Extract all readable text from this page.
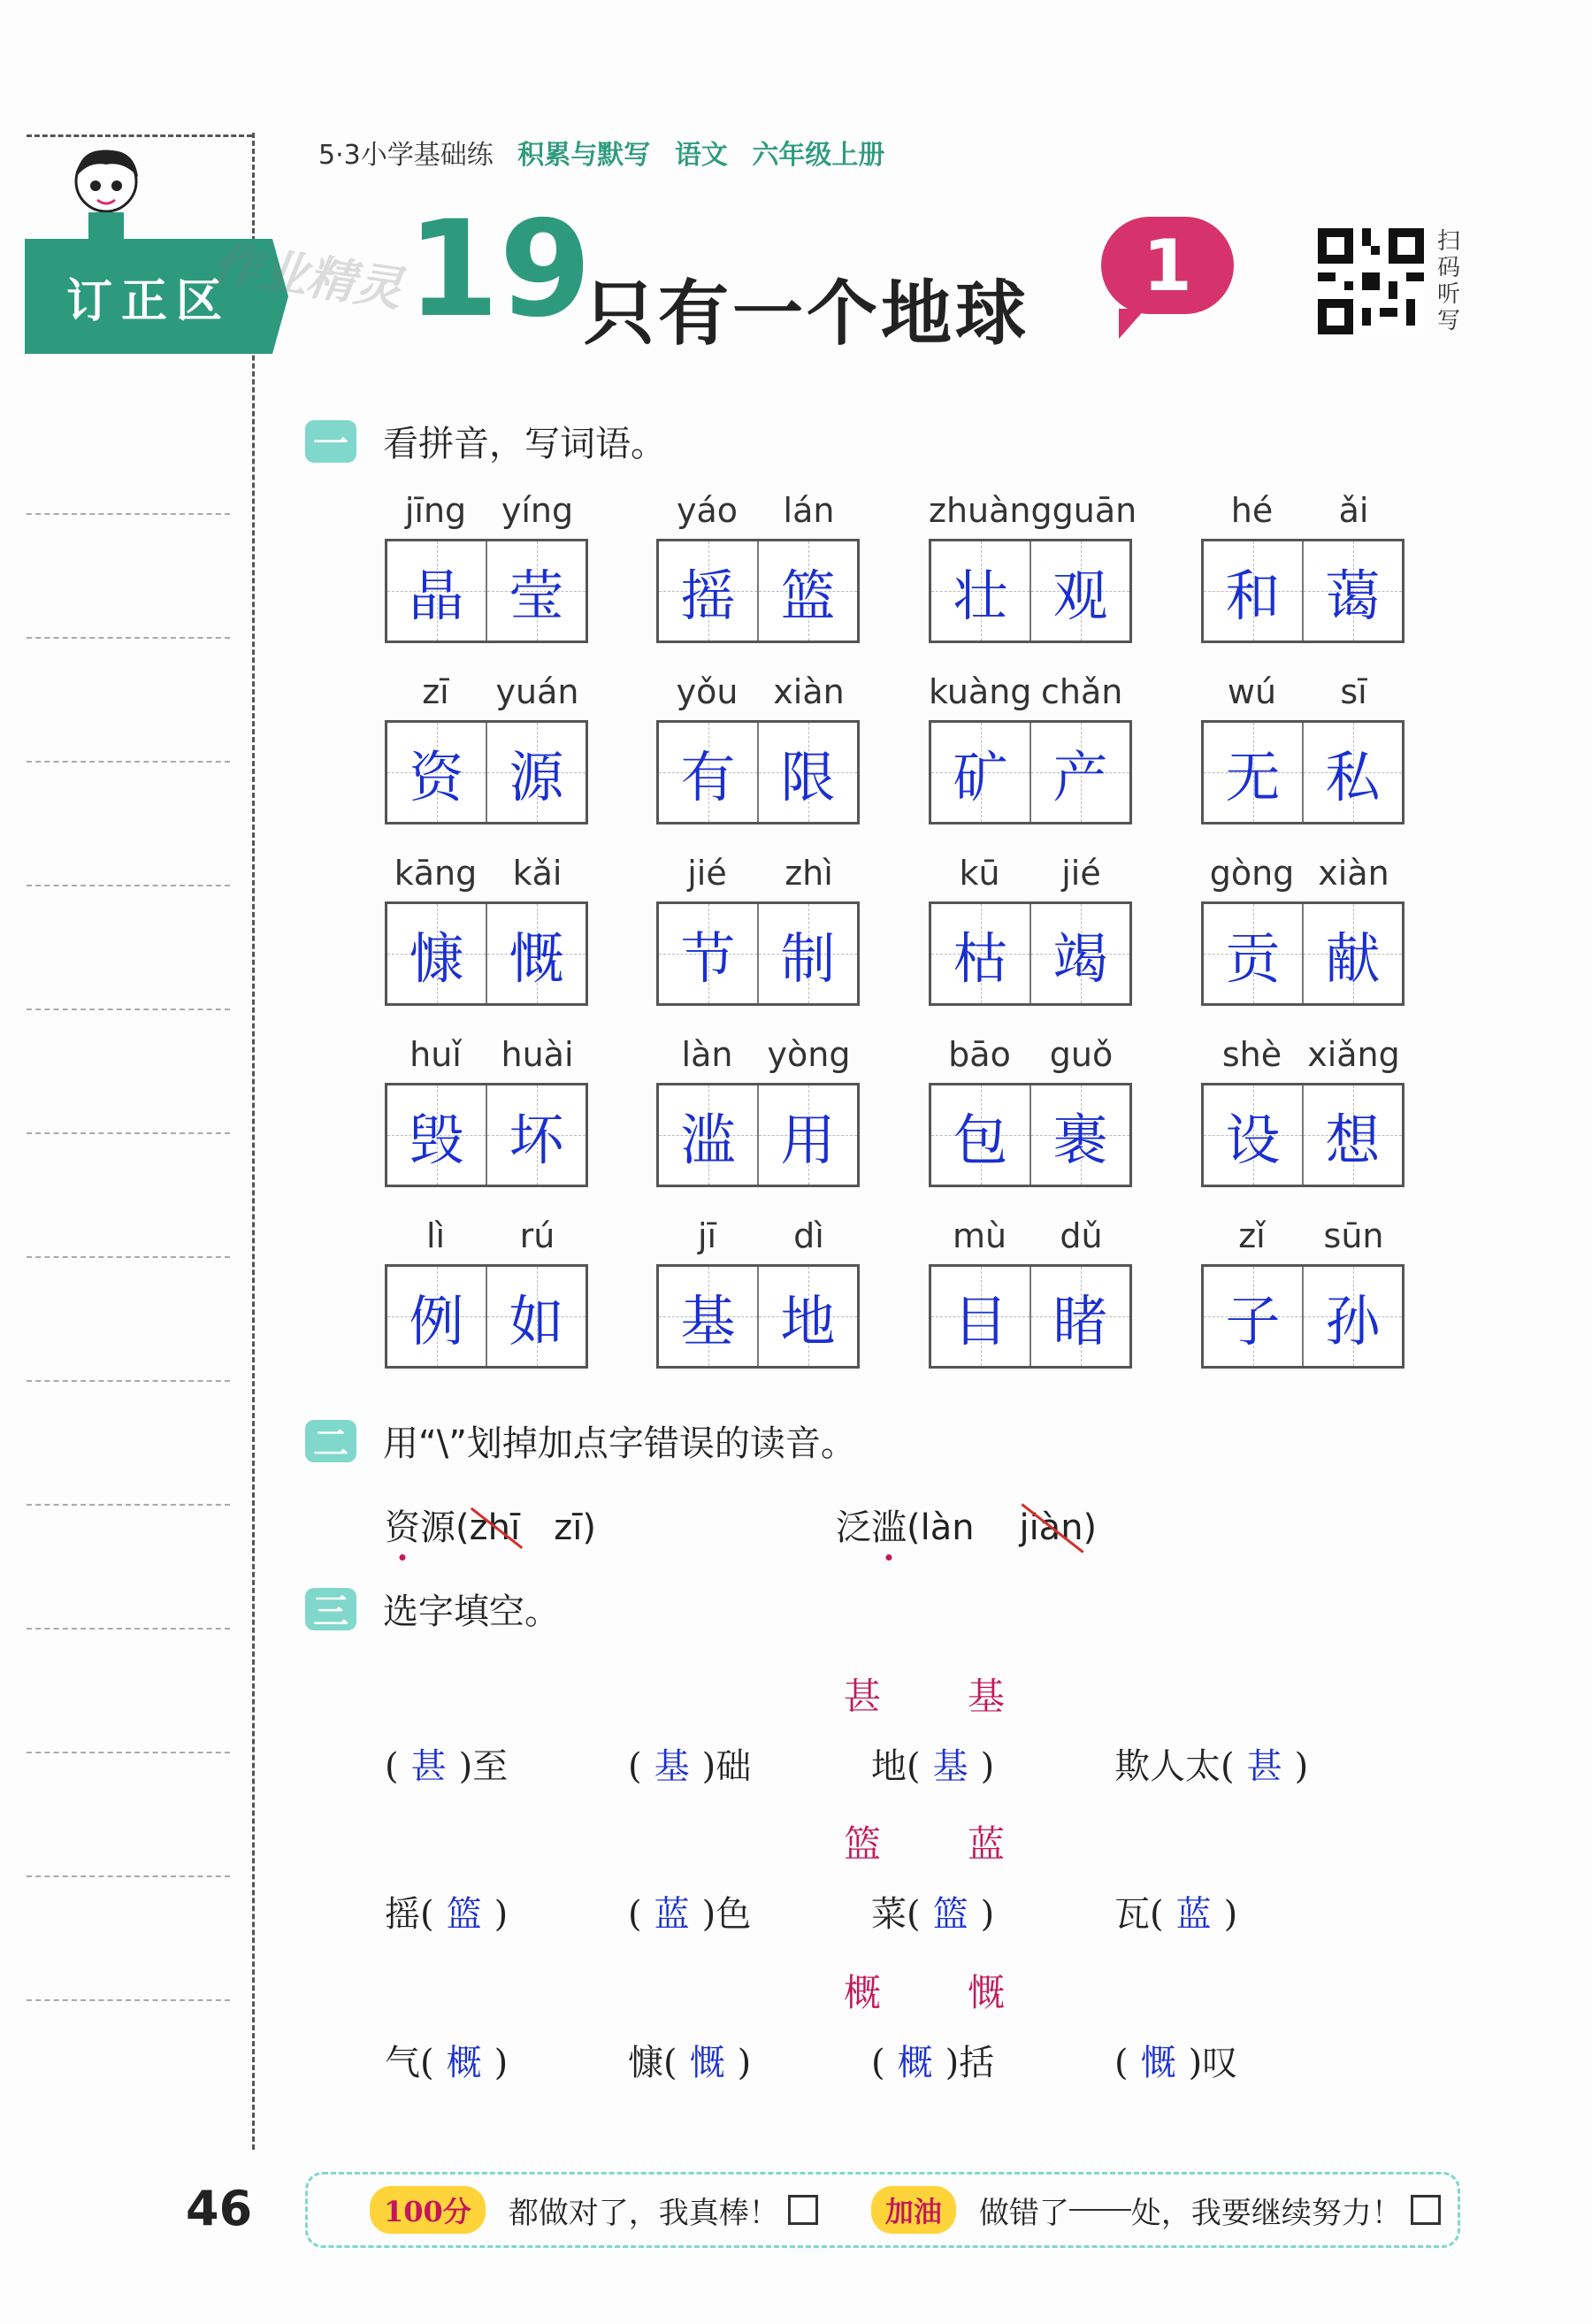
订正区
5·3小学基础练 积累与默写 语文 六年级上册
作业精灵 19
只有一个地球
1	扫码听写
一 看拼音，写词语。
jīng	yíng
晶 莹
yáo	lán
摇 篮
zhuàng guān
壮 观
hé	ǎi
和 蔼
zī	yuán
资 源
yǒu	xiàn
有 限
kuàng chǎn
矿 产
wú	sī
无 私
kāng	kǎi
慷 慨
jié	zhì
节 制
kū	jié
枯 竭
gòng xiàn
贡 献
huǐ	huài
毁 坏
làn	yòng
滥 用
bāo	guǒ
包 裹
shè xiǎng
设 想
lì	rú
例 如
jī	dì
基 地
mù	dǔ
目 睹
zǐ	sūn
子 孙
二 用“\”划掉加点字错误的读音。
资源(zhī zī)	泛滥(làn jiàn)
三 选字填空。
甚 基
( 甚 )至	( 基 )础	地( 基 )	欺人太( 甚 )
篮 蓝
摇( 篮 )	( 蓝 )色	菜( 篮 )	瓦( 蓝 )
概 慨
气( 概 )	慷( 慨 )	( 概 )括	( 慨 )叹
46	100分	都做对了，我真棒！	加油	做错了 处，我要继续努力！
